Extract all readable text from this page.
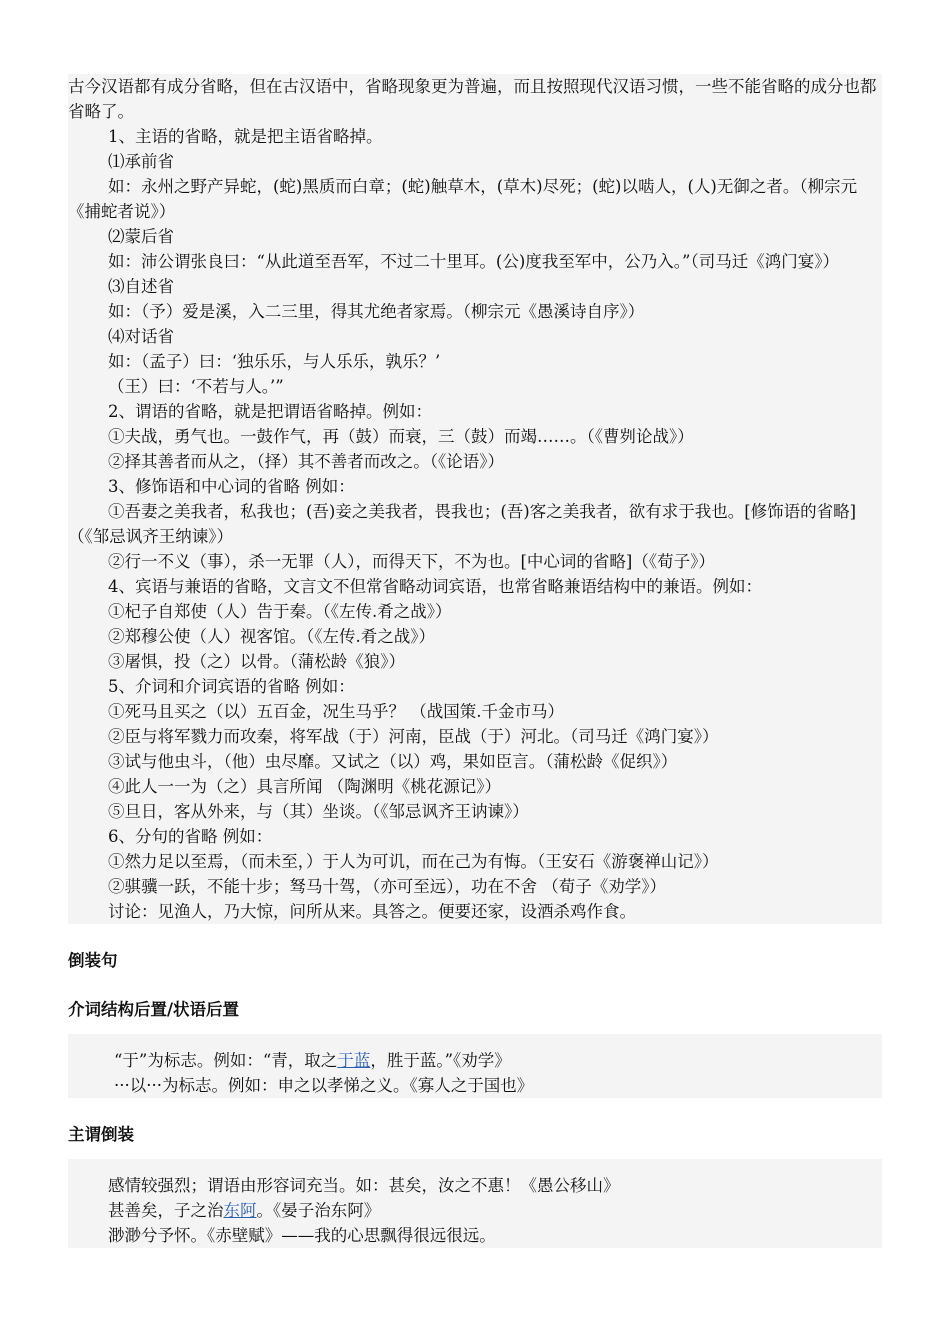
古今汉语都有成分省略，但在古汉语中，省略现象更为普遍，而且按照现代汉语习惯，一些不能省略的成分也都省略了。
1、主语的省略，就是把主语省略掉。
⑴承前省
如：永州之野产异蛇，(蛇)黑质而白章；(蛇)触草木，(草木)尽死；(蛇)以啮人，(人)无御之者。（柳宗元《捕蛇者说》）
⑵蒙后省
如：沛公谓张良曰：“从此道至吾军，不过二十里耳。(公)度我至军中，公乃入。”（司马迁《鸿门宴》）
⑶自述省
如：（予）爱是溪，入二三里，得其尤绝者家焉。（柳宗元《愚溪诗自序》）
⑷对话省
如：（孟子）曰：‘独乐乐，与人乐乐，孰乐？’
（王）曰：‘不若与人。’”
2、谓语的省略，就是把谓语省略掉。例如：
①夫战，勇气也。一鼓作气，再（鼓）而衰，三（鼓）而竭……。（《曹刿论战》）
②择其善者而从之，（择）其不善者而改之。（《论语》）
3、修饰语和中心词的省略 例如：
①吾妻之美我者，私我也；(吾)妾之美我者，畏我也；(吾)客之美我者，欲有求于我也。[修饰语的省略]（《邹忌讽齐王纳谏》）
②行一不义（事），杀一无罪（人），而得天下，不为也。[中心词的省略]（《荀子》）
4、宾语与兼语的省略，文言文不但常省略动词宾语，也常省略兼语结构中的兼语。例如：
①杞子自郑使（人）告于秦。（《左传.肴之战》）
②郑穆公使（人）视客馆。（《左传.肴之战》）
③屠惧，投（之）以骨。（蒲松龄《狼》）
5、介词和介词宾语的省略 例如：
①死马且买之（以）五百金，况生马乎？ （战国策.千金市马）
②臣与将军戮力而攻秦，将军战（于）河南，臣战（于）河北。（司马迁《鸿门宴》）
③试与他虫斗，（他）虫尽靡。又试之（以）鸡，果如臣言。（蒲松龄《促织》）
④此人一一为（之）具言所闻 （陶渊明《桃花源记》）
⑤旦日，客从外来，与（其）坐谈。（《邹忌讽齐王讷谏》）
6、分句的省略 例如：
①然力足以至焉，（而未至，）于人为可讥，而在己为有悔。（王安石《游褒禅山记》）
②骐骥一跃，不能十步；驽马十驾，（亦可至远），功在不舍 （荀子《劝学》）
讨论：见渔人，乃大惊，问所从来。具答之。便要还家，设酒杀鸡作食。
倒装句
介词结构后置/状语后置
“于”为标志。例如：“青，取之于蓝，胜于蓝。”《劝学》
···以···为标志。例如：申之以孝悌之义。《寡人之于国也》
主谓倒装
感情较强烈；谓语由形容词充当。如：甚矣，汝之不惠！《愚公移山》
甚善矣，子之治东阿。《晏子治东阿》
渺渺兮予怀。《赤壁赋》——我的心思飘得很远很远。
